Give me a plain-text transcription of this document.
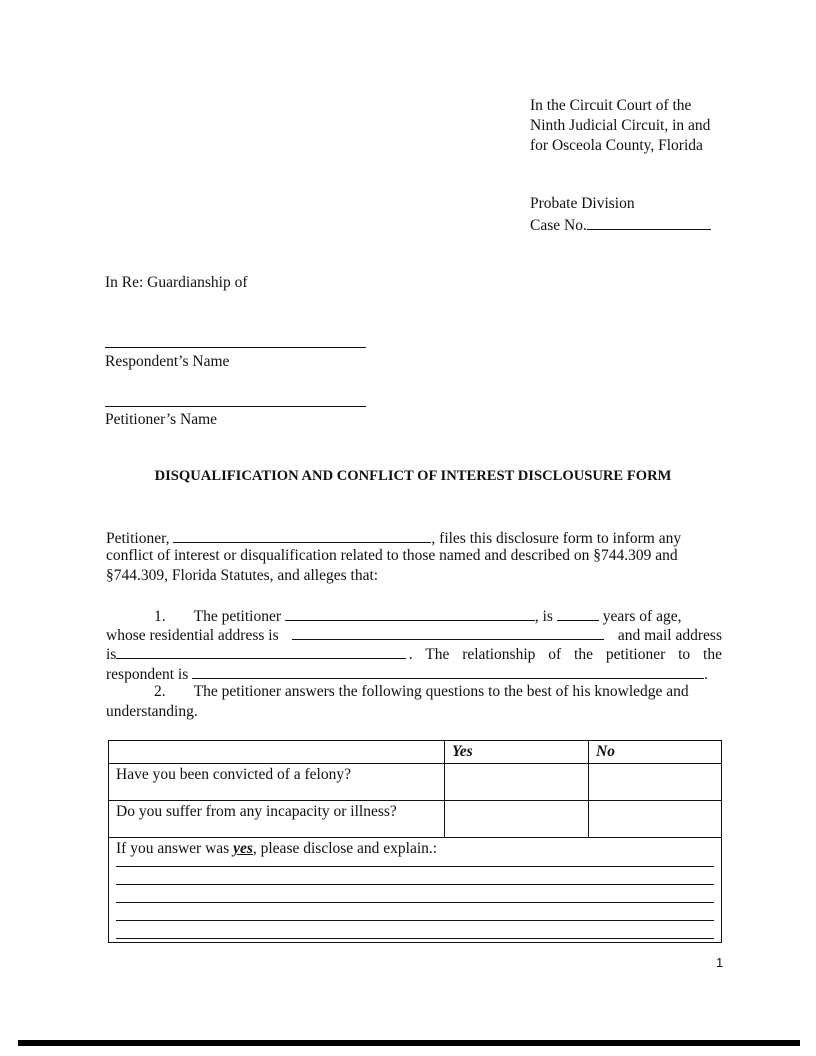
In the Circuit Court of the
Ninth Judicial Circuit, in and
for Osceola County, Florida
Probate Division
Case No.
In Re: Guardianship of
Respondent’s Name
Petitioner’s Name
DISQUALIFICATION AND CONFLICT OF INTEREST DISCLOUSURE FORM
Petitioner,	, files this disclosure form to inform any
conflict of interest or disqualification related to those named and described on §744.309 and
§744.309, Florida Statutes, and alleges that:
1. The petitioner	, is	years of age,
whose residential address is	and mail address
is	. The relationship of the petitioner to the
respondent is
	.
2. The petitioner answers the following questions to the best of his knowledge and
understanding.
	Yes	No
Have you been convicted of a felony?		
Do you suffer from any incapacity or illness?		

If you answer was yes, please disclose and explain.:		
1
